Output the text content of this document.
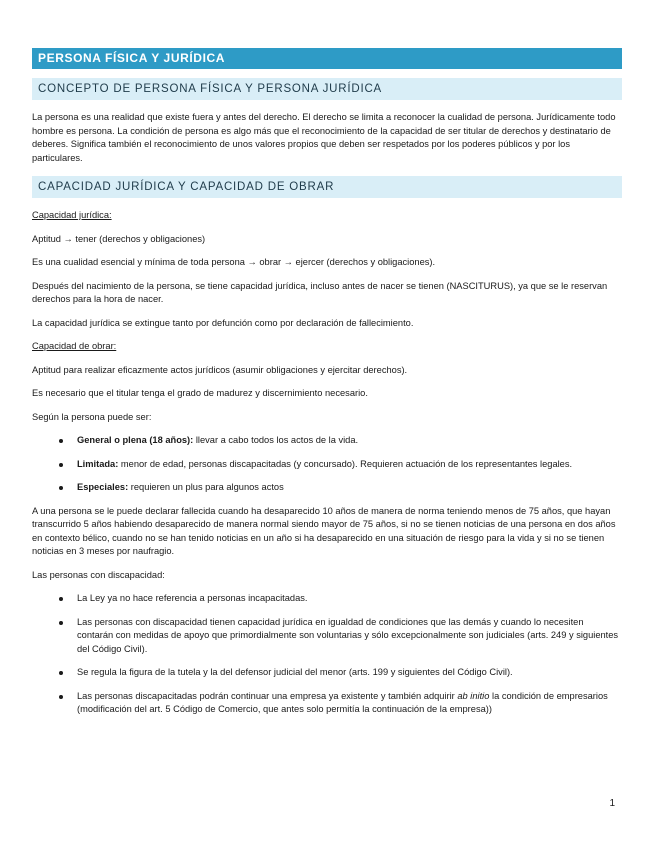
PERSONA FÍSICA Y JURÍDICA
CONCEPTO DE PERSONA FÍSICA Y PERSONA JURÍDICA

La persona es una realidad que existe fuera y antes del derecho. El derecho se limita a reconocer la cualidad de persona. Jurídicamente todo hombre es persona. La condición de persona es algo más que el reconocimiento de la capacidad de ser titular de derechos y destinatario de deberes. Significa también el reconocimiento de unos valores propios que deben ser respetados por los poderes públicos y por los particulares.

CAPACIDAD JURÍDICA Y CAPACIDAD DE OBRAR

Capacidad jurídica:

Aptitud → tener (derechos y obligaciones)

Es una cualidad esencial y mínima de toda persona → obrar → ejercer (derechos y obligaciones).

Después del nacimiento de la persona, se tiene capacidad jurídica, incluso antes de nacer se tienen (NASCITURUS), ya que se le reservan derechos para la hora de nacer.

La capacidad jurídica se extingue tanto por defunción como por declaración de fallecimiento.

Capacidad de obrar:

Aptitud para realizar eficazmente actos jurídicos (asumir obligaciones y ejercitar derechos).

Es necesario que el titular tenga el grado de madurez y discernimiento necesario.

Según la persona puede ser:

General o plena (18 años): llevar a cabo todos los actos de la vida.
Limitada: menor de edad, personas discapacitadas (y concursado). Requieren actuación de los representantes legales.
Especiales: requieren un plus para algunos actos

A una persona se le puede declarar fallecida cuando ha desaparecido 10 años de manera de norma teniendo menos de 75 años, que hayan transcurrido 5 años habiendo desaparecido de manera normal siendo mayor de 75 años, si no se tienen noticias de una persona en dos años en contexto bélico, cuando no se han tenido noticias en un año si ha desaparecido en una situación de riesgo para la vida y si no se tienen noticias en 3 meses por naufragio.

Las personas con discapacidad:

La Ley ya no hace referencia a personas incapacitadas.
Las personas con discapacidad tienen capacidad jurídica en igualdad de condiciones que las demás y cuando lo necesiten contarán con medidas de apoyo que primordialmente son voluntarias y sólo excepcionalmente son judiciales (arts. 249 y siguientes del Código Civil).
Se regula la figura de la tutela y la del defensor judicial del menor (arts. 199 y siguientes del Código Civil).
Las personas discapacitadas podrán continuar una empresa ya existente y también adquirir ab initio la condición de empresarios (modificación del art. 5 Código de Comercio, que antes solo permitía la continuación de la empresa))
1
